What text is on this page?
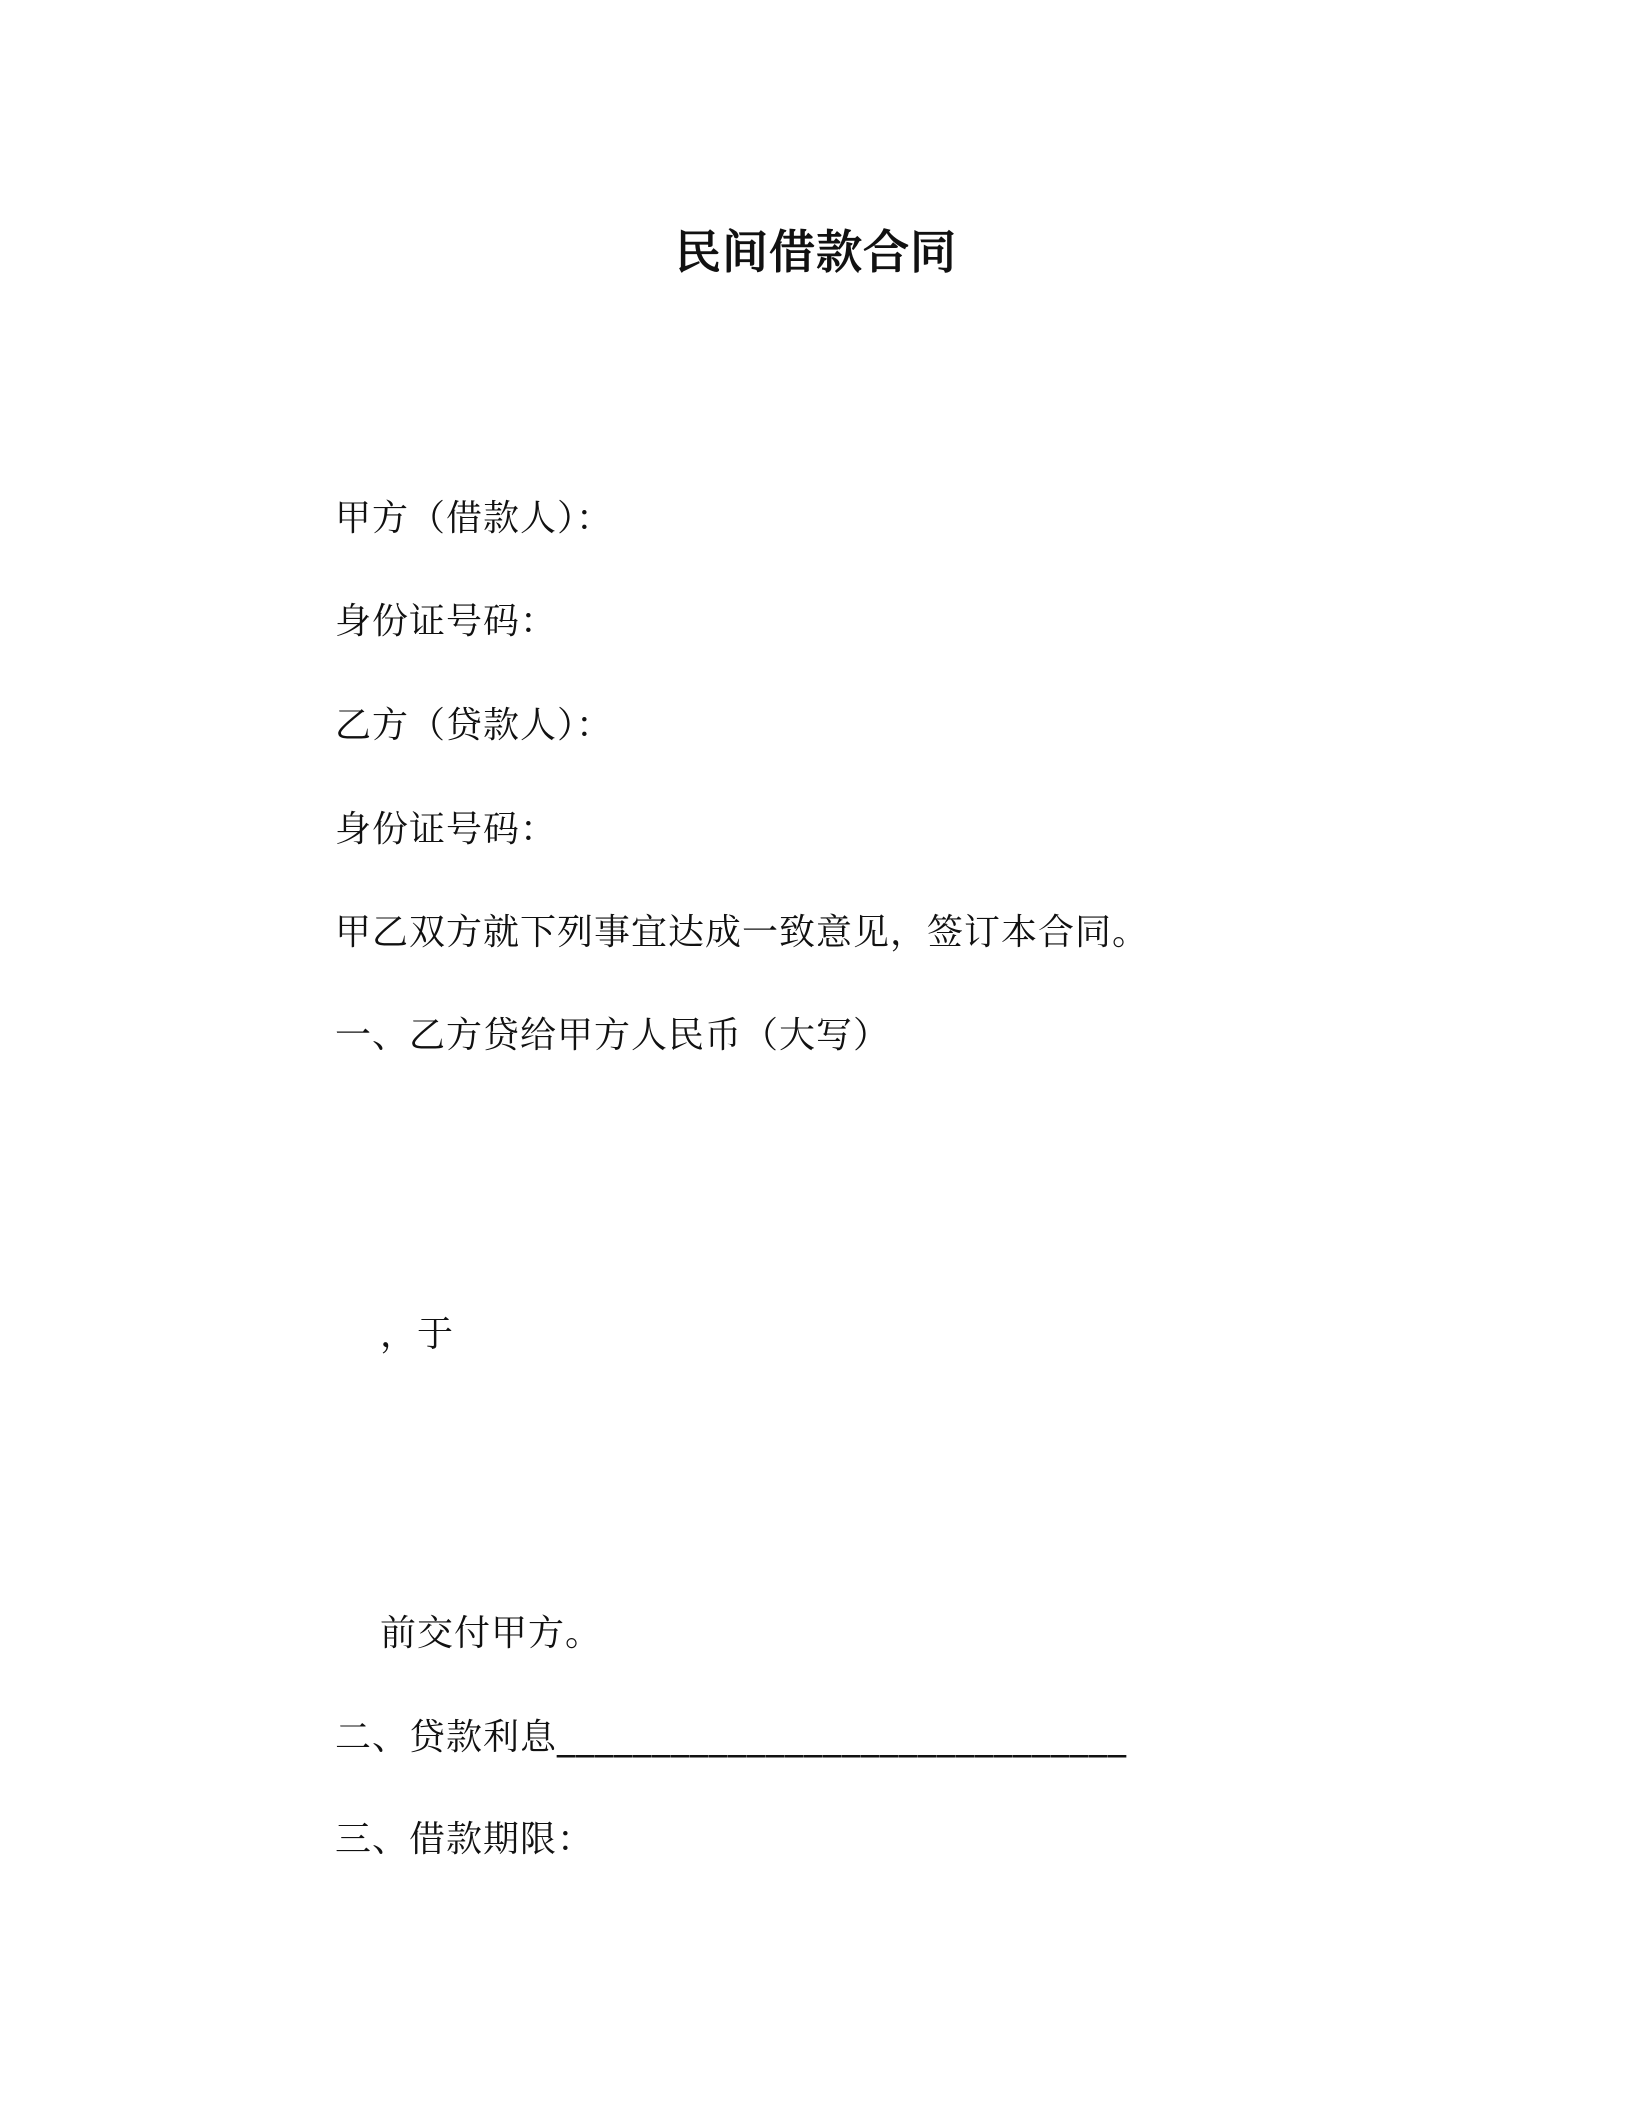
民间借款合同
甲方（借款人）：
身份证号码：
乙方（贷款人）：
身份证号码：
甲乙双方就下列事宜达成一致意见，签订本合同。
一、乙方贷给甲方人民币（大写）
，于
前交付甲方。
二、贷款利息______________________________
三、借款期限：
